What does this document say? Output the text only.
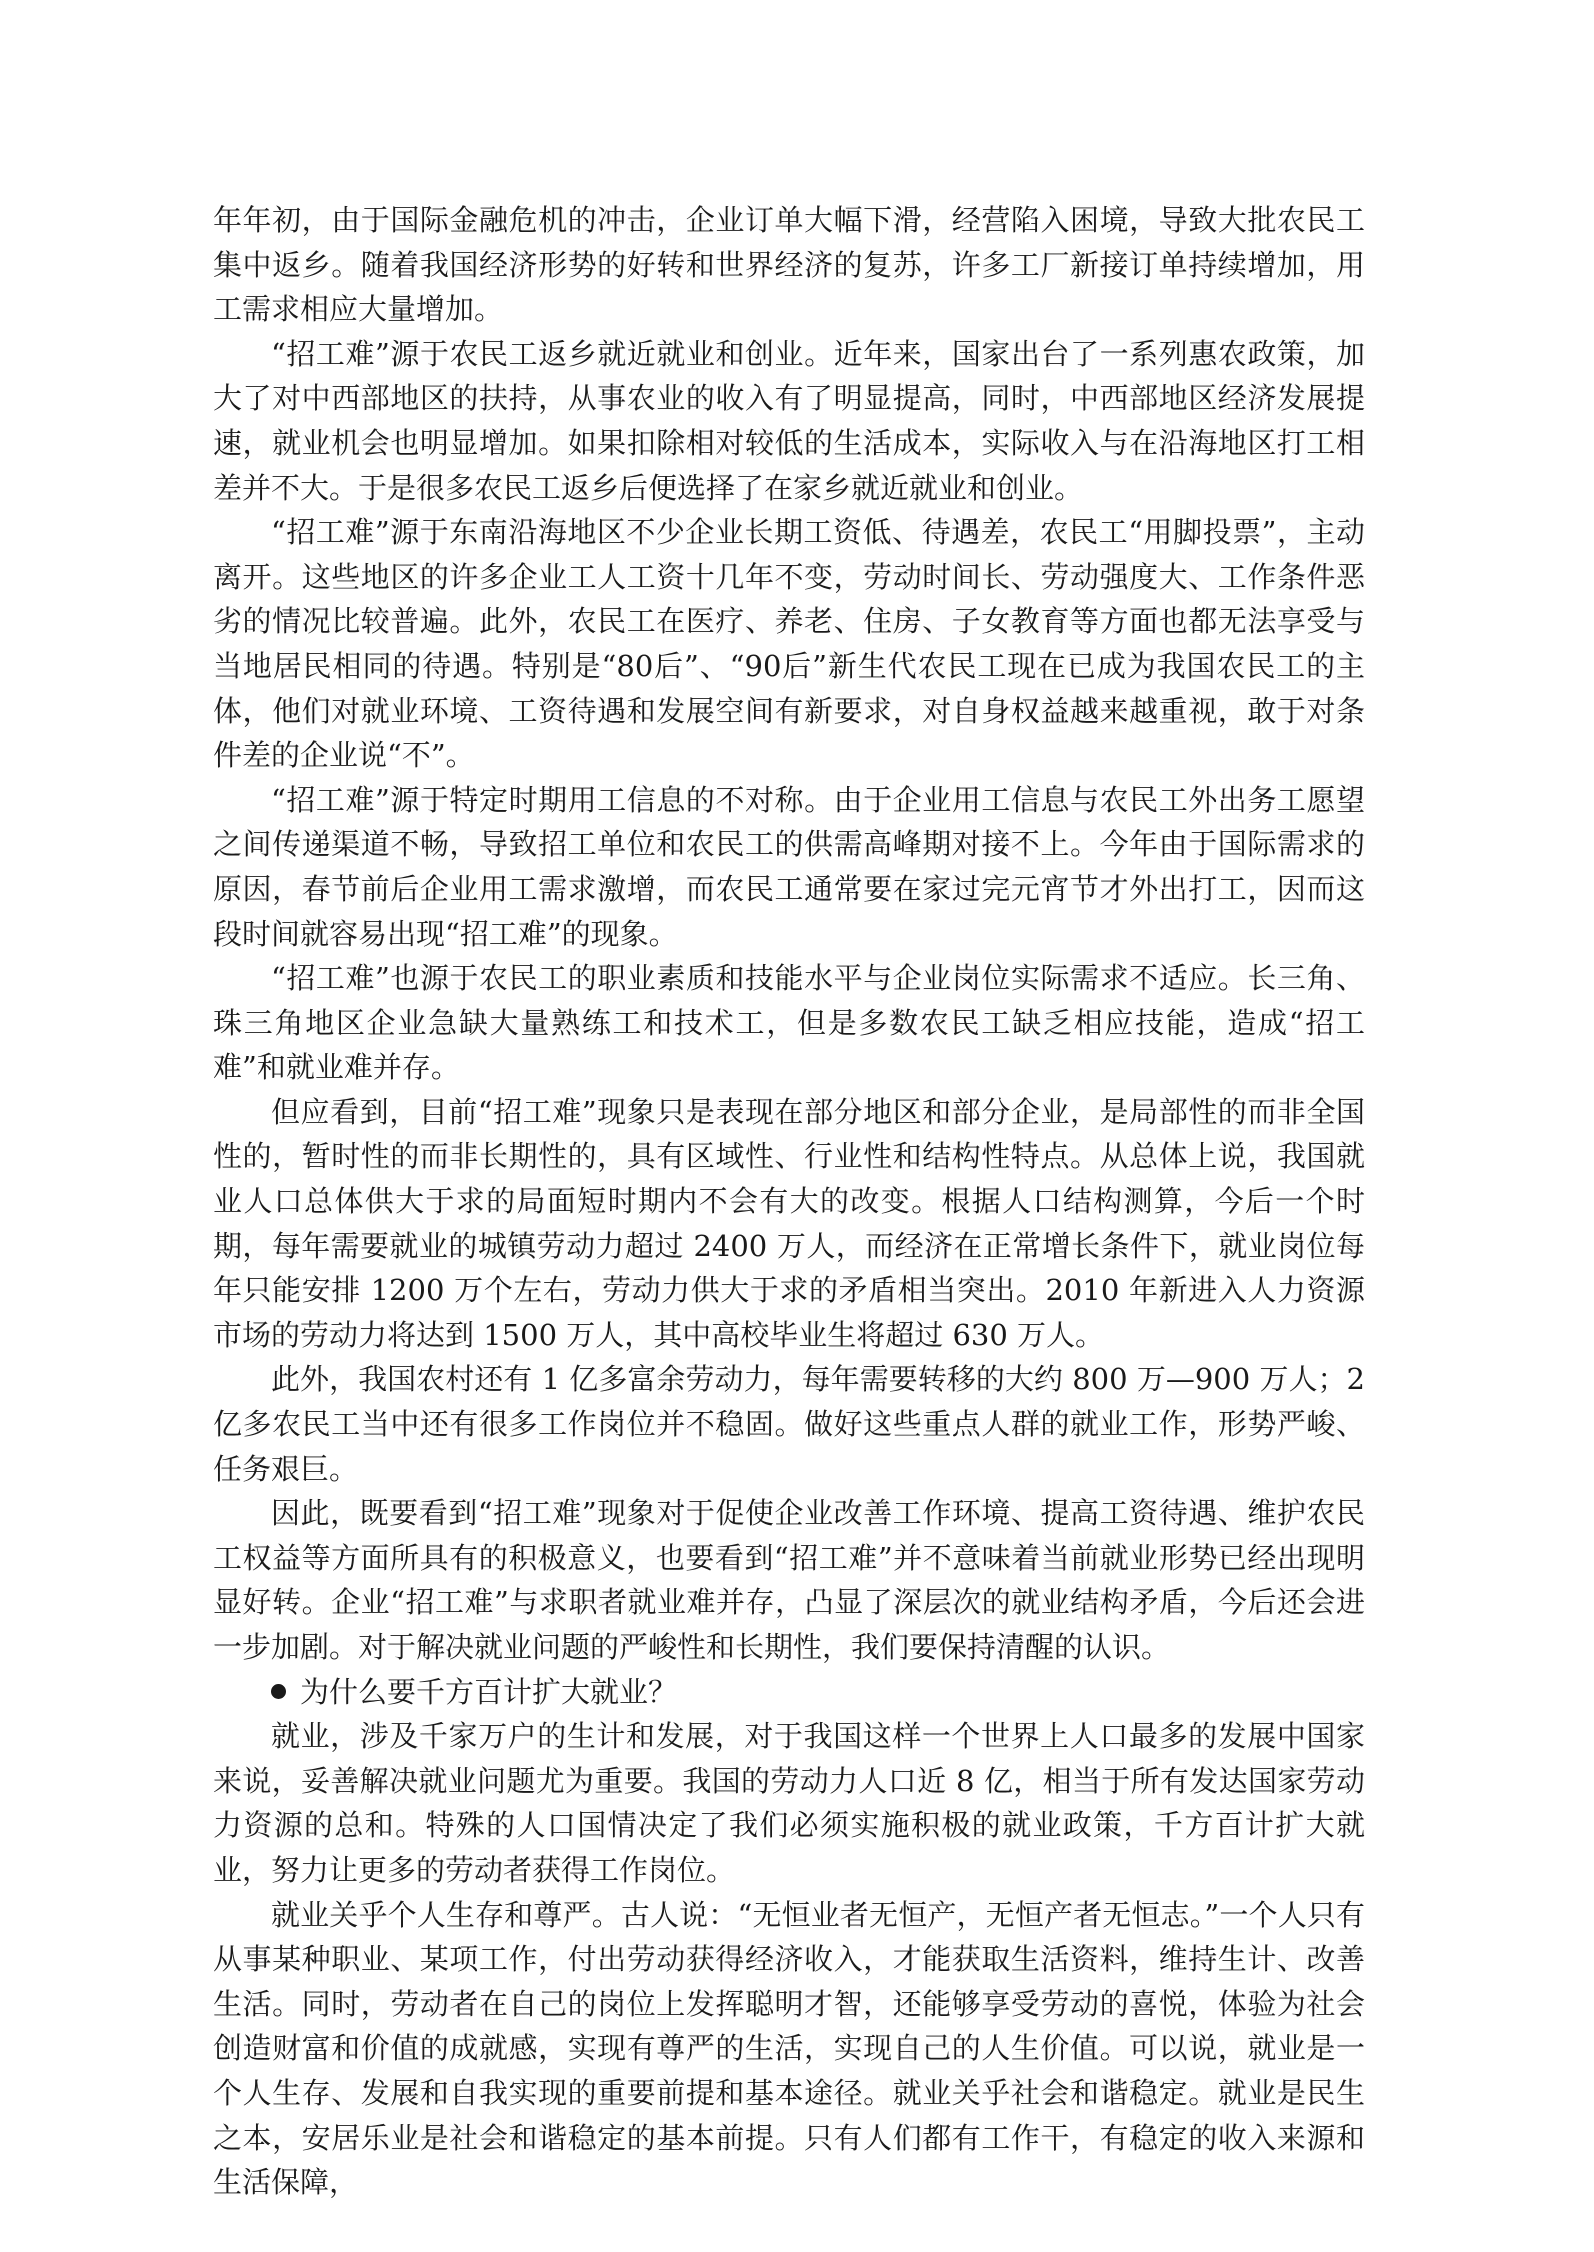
年年初，由于国际金融危机的冲击，企业订单大幅下滑，经营陷入困境，导致大批农民工集中返乡。随着我国经济形势的好转和世界经济的复苏，许多工厂新接订单持续增加，用工需求相应大量增加。

“招工难”源于农民工返乡就近就业和创业。近年来，国家出台了一系列惠农政策，加大了对中西部地区的扶持，从事农业的收入有了明显提高，同时，中西部地区经济发展提速，就业机会也明显增加。如果扣除相对较低的生活成本，实际收入与在沿海地区打工相差并不大。于是很多农民工返乡后便选择了在家乡就近就业和创业。

“招工难”源于东南沿海地区不少企业长期工资低、待遇差，农民工“用脚投票”，主动离开。这些地区的许多企业工人工资十几年不变，劳动时间长、劳动强度大、工作条件恶劣的情况比较普遍。此外，农民工在医疗、养老、住房、子女教育等方面也都无法享受与当地居民相同的待遇。特别是“80后”、“90后”新生代农民工现在已成为我国农民工的主体，他们对就业环境、工资待遇和发展空间有新要求，对自身权益越来越重视，敢于对条件差的企业说“不”。

“招工难”源于特定时期用工信息的不对称。由于企业用工信息与农民工外出务工愿望之间传递渠道不畅，导致招工单位和农民工的供需高峰期对接不上。今年由于国际需求的原因，春节前后企业用工需求激增，而农民工通常要在家过完元宵节才外出打工，因而这段时间就容易出现“招工难”的现象。

“招工难”也源于农民工的职业素质和技能水平与企业岗位实际需求不适应。长三角、珠三角地区企业急缺大量熟练工和技术工，但是多数农民工缺乏相应技能，造成“招工难”和就业难并存。

但应看到，目前“招工难”现象只是表现在部分地区和部分企业，是局部性的而非全国性的，暂时性的而非长期性的，具有区域性、行业性和结构性特点。从总体上说，我国就业人口总体供大于求的局面短时期内不会有大的改变。根据人口结构测算，今后一个时期，每年需要就业的城镇劳动力超过 2400 万人，而经济在正常增长条件下，就业岗位每年只能安排 1200 万个左右，劳动力供大于求的矛盾相当突出。2010 年新进入人力资源市场的劳动力将达到 1500 万人，其中高校毕业生将超过 630 万人。

此外，我国农村还有 1 亿多富余劳动力，每年需要转移的大约 800 万—900 万人；2 亿多农民工当中还有很多工作岗位并不稳固。做好这些重点人群的就业工作，形势严峻、任务艰巨。

因此，既要看到“招工难”现象对于促使企业改善工作环境、提高工资待遇、维护农民工权益等方面所具有的积极意义，也要看到“招工难”并不意味着当前就业形势已经出现明显好转。企业“招工难”与求职者就业难并存，凸显了深层次的就业结构矛盾，今后还会进一步加剧。对于解决就业问题的严峻性和长期性，我们要保持清醒的认识。

为什么要千方百计扩大就业？

就业，涉及千家万户的生计和发展，对于我国这样一个世界上人口最多的发展中国家来说，妥善解决就业问题尤为重要。我国的劳动力人口近 8 亿，相当于所有发达国家劳动力资源的总和。特殊的人口国情决定了我们必须实施积极的就业政策，千方百计扩大就业，努力让更多的劳动者获得工作岗位。

就业关乎个人生存和尊严。古人说：“无恒业者无恒产，无恒产者无恒志。”一个人只有从事某种职业、某项工作，付出劳动获得经济收入，才能获取生活资料，维持生计、改善生活。同时，劳动者在自己的岗位上发挥聪明才智，还能够享受劳动的喜悦，体验为社会创造财富和价值的成就感，实现有尊严的生活，实现自己的人生价值。可以说，就业是一个人生存、发展和自我实现的重要前提和基本途径。就业关乎社会和谐稳定。就业是民生之本，安居乐业是社会和谐稳定的基本前提。只有人们都有工作干，有稳定的收入来源和生活保障，
